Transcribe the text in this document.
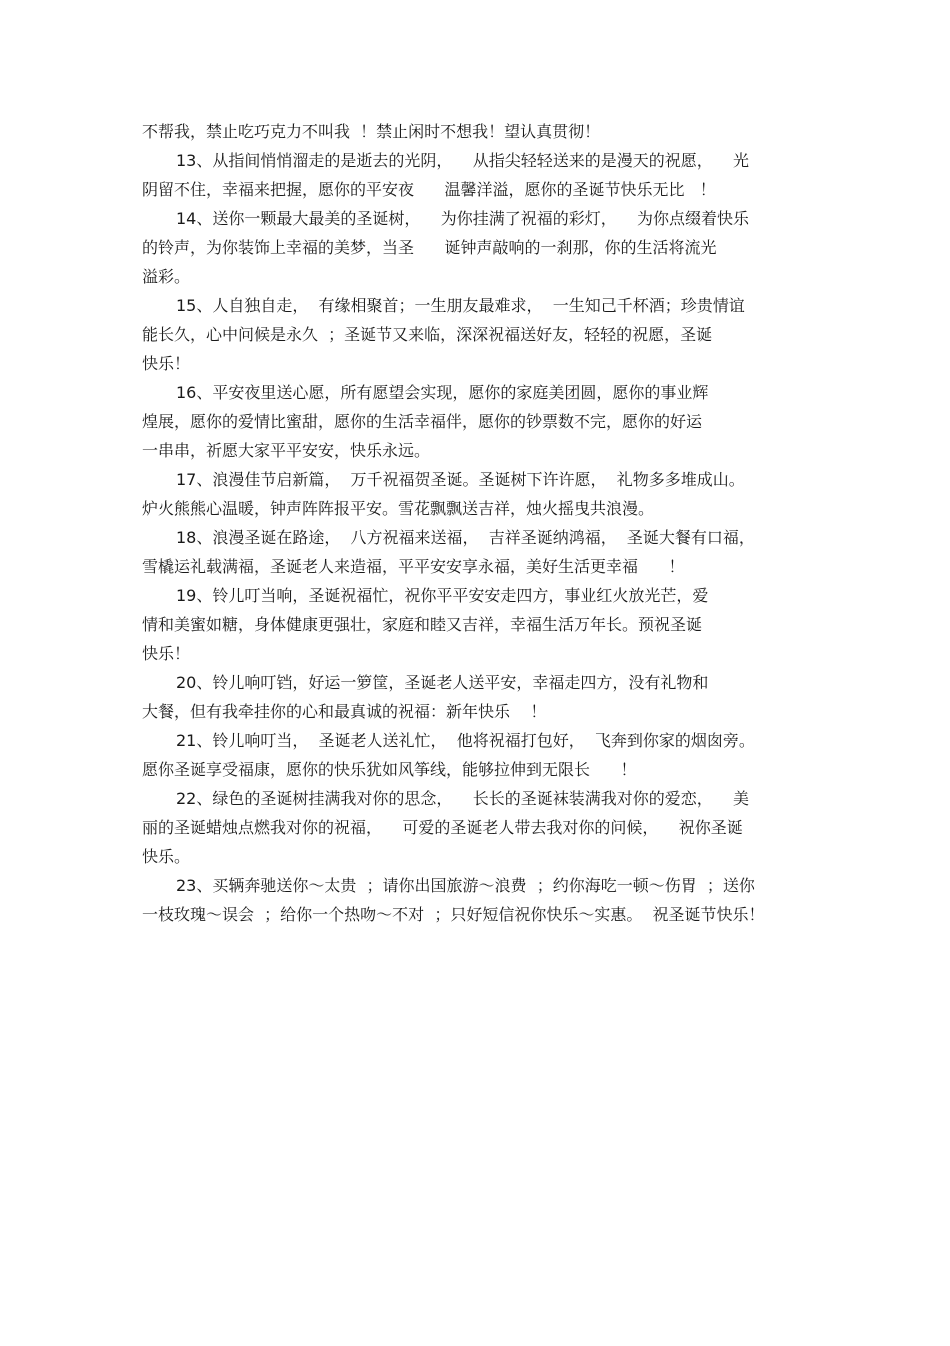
不帮我，禁止吃巧克力不叫我  ！禁止闲时不想我！望认真贯彻！

13、从指间悄悄溜走的是逝去的光阴，    从指尖轻轻送来的是漫天的祝愿，    光

阴留不住，幸福来把握，愿你的平安夜      温馨洋溢，愿你的圣诞节快乐无比   ！

14、送你一颗最大最美的圣诞树，    为你挂满了祝福的彩灯，    为你点缀着快乐

的铃声，为你装饰上幸福的美梦，当圣      诞钟声敲响的一刹那，你的生活将流光

溢彩。

15、人自独自走，  有缘相聚首；一生朋友最难求，  一生知己千杯酒；珍贵情谊

能长久，心中问候是永久  ；圣诞节又来临，深深祝福送好友，轻轻的祝愿，圣诞

快乐！

16、平安夜里送心愿，所有愿望会实现，愿你的家庭美团圆，愿你的事业辉

煌展，愿你的爱情比蜜甜，愿你的生活幸福伴，愿你的钞票数不完，愿你的好运

一串串，祈愿大家平平安安，快乐永远。

17、浪漫佳节启新篇，  万千祝福贺圣诞。圣诞树下许许愿，  礼物多多堆成山。

炉火熊熊心温暖，钟声阵阵报平安。雪花飘飘送吉祥，烛火摇曳共浪漫。

18、浪漫圣诞在路途，  八方祝福来送福，  吉祥圣诞纳鸿福，  圣诞大餐有口福，

雪橇运礼载满福，圣诞老人来造福，平平安安享永福，美好生活更幸福      ！

19、铃儿叮当响，圣诞祝福忙，祝你平平安安走四方，事业红火放光芒，爱

情和美蜜如糖，身体健康更强壮，家庭和睦又吉祥，幸福生活万年长。预祝圣诞

快乐！

20、铃儿响叮铛，好运一箩筐，圣诞老人送平安，幸福走四方，没有礼物和

大餐，但有我牵挂你的心和最真诚的祝福：新年快乐    ！

21、铃儿响叮当，  圣诞老人送礼忙，  他将祝福打包好，  飞奔到你家的烟囱旁。

愿你圣诞享受福康，愿你的快乐犹如风筝线，能够拉伸到无限长      ！

22、绿色的圣诞树挂满我对你的思念，    长长的圣诞袜装满我对你的爱恋，    美

丽的圣诞蜡烛点燃我对你的祝福，    可爱的圣诞老人带去我对你的问候，    祝你圣诞

快乐。

23、买辆奔驰送你～太贵  ；请你出国旅游～浪费  ；约你海吃一顿～伤胃  ；送你

一枝玫瑰～误会  ；给你一个热吻～不对  ；只好短信祝你快乐～实惠。  祝圣诞节快乐！
